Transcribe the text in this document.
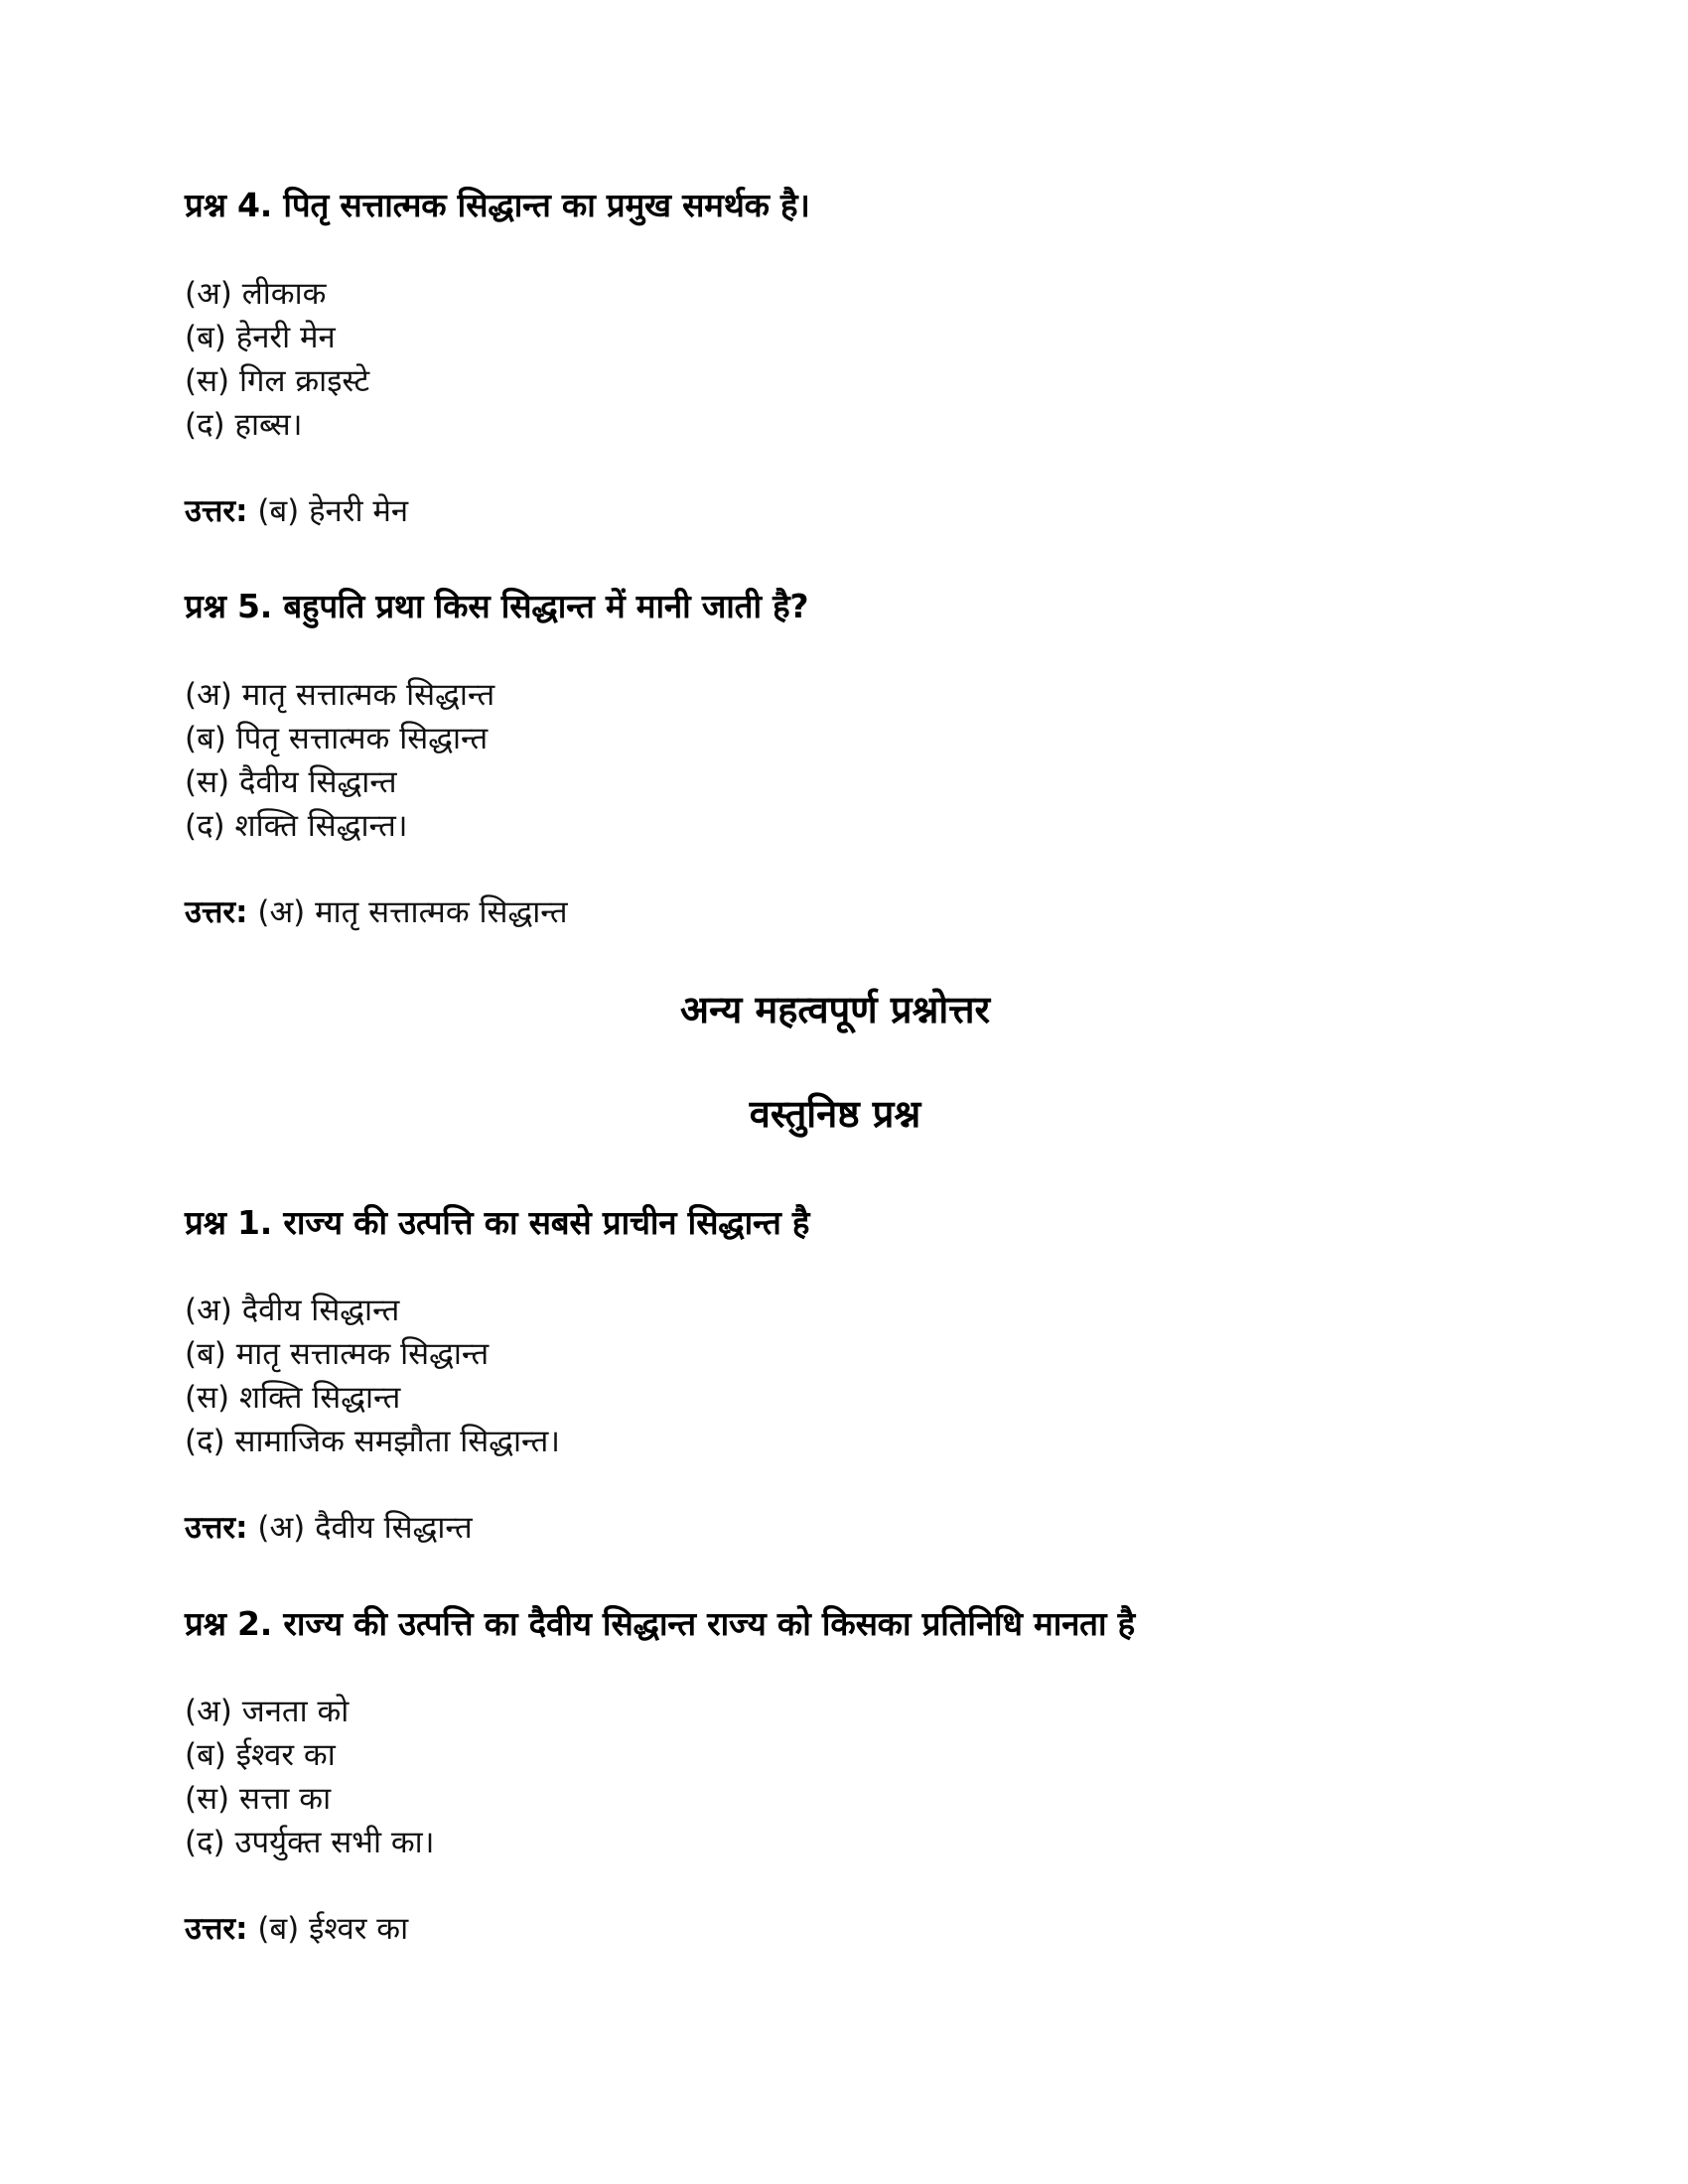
प्रश्न 4. पितृ सत्तात्मक सिद्धान्त का प्रमुख समर्थक है।

(अ) लीकाक
(ब) हेनरी मेन
(स) गिल क्राइस्टे
(द) हाब्स।

उत्तर: (ब) हेनरी मेन

प्रश्न 5. बहुपति प्रथा किस सिद्धान्त में मानी जाती है?

(अ) मातृ सत्तात्मक सिद्धान्त
(ब) पितृ सत्तात्मक सिद्धान्त
(स) दैवीय सिद्धान्त
(द) शक्ति सिद्धान्त।

उत्तर: (अ) मातृ सत्तात्मक सिद्धान्त

अन्य महत्वपूर्ण प्रश्नोत्तर
वस्तुनिष्ठ प्रश्न

प्रश्न 1. राज्य की उत्पत्ति का सबसे प्राचीन सिद्धान्त है

(अ) दैवीय सिद्धान्त
(ब) मातृ सत्तात्मक सिद्धान्त
(स) शक्ति सिद्धान्त
(द) सामाजिक समझौता सिद्धान्त।

उत्तर: (अ) दैवीय सिद्धान्त

प्रश्न 2. राज्य की उत्पत्ति का दैवीय सिद्धान्त राज्य को किसका प्रतिनिधि मानता है

(अ) जनता को
(ब) ईश्वर का
(स) सत्ता का
(द) उपर्युक्त सभी का।

उत्तर: (ब) ईश्वर का
